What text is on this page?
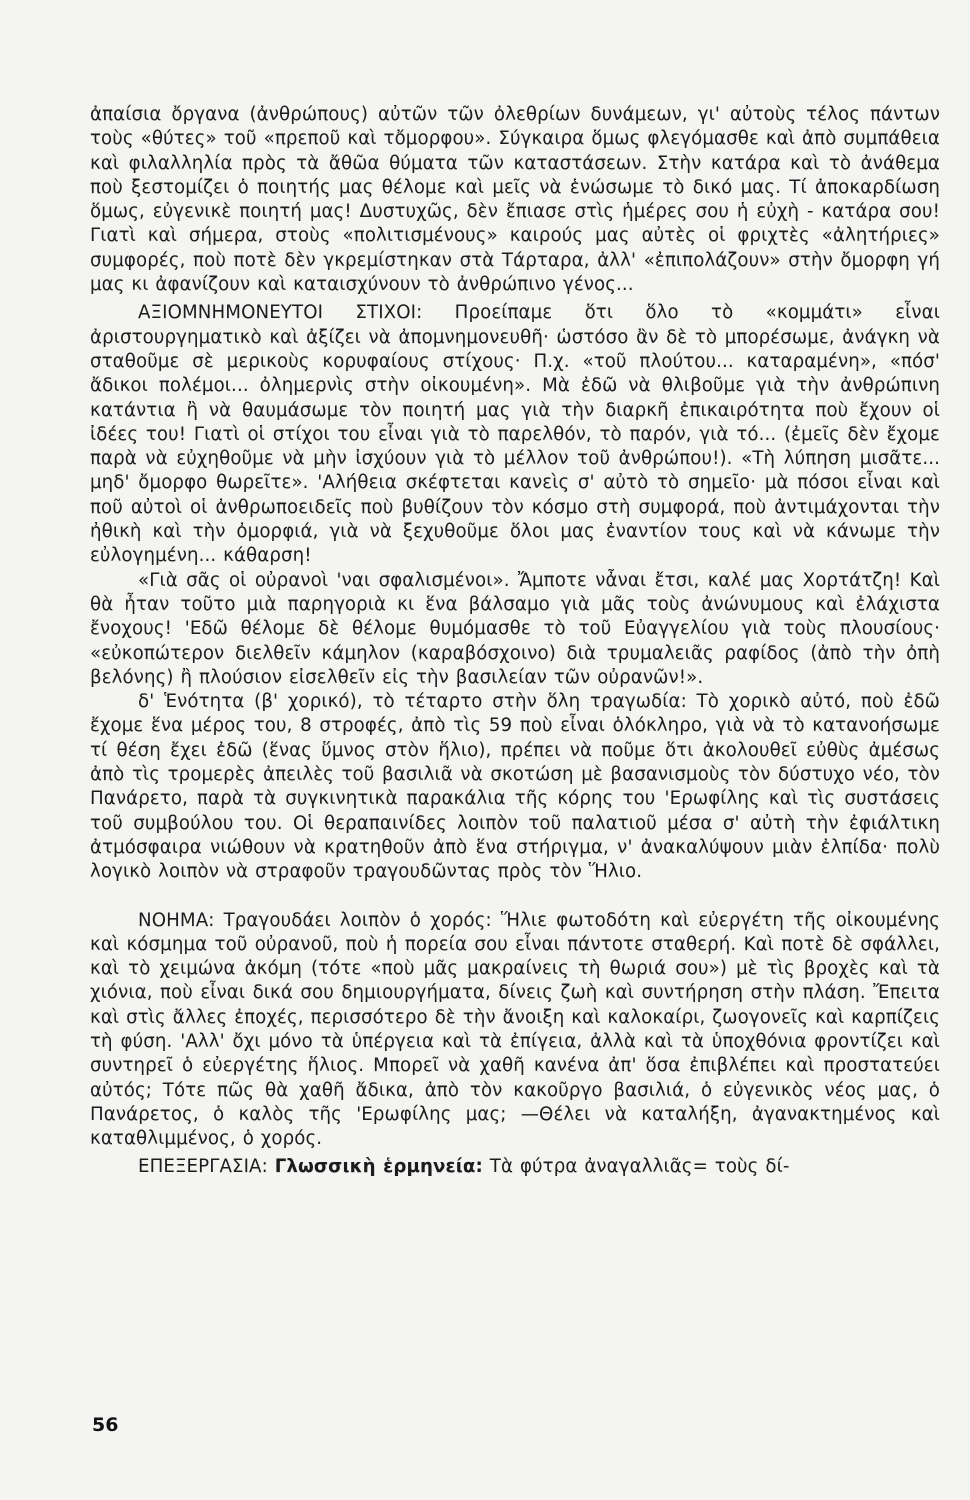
ἀπαίσια ὄργανα (ἀνθρώπους) αὐτῶν τῶν ὀλεθρίων δυνάμεων, γι' αὐτοὺς τέλος πάντων τοὺς «θύτες» τοῦ «πρεποῦ καὶ τὄμορφου». Σύγκαιρα ὅμως φλεγόμασθε καὶ ἀπὸ συμπάθεια καὶ φιλαλληλία πρὸς τὰ ἄθῶα θύματα τῶν καταστάσεων. Στὴν κατάρα καὶ τὸ ἀνάθεμα ποὺ ξεστομίζει ὁ ποιητής μας θέλομε καὶ μεῖς νὰ ἑνώσωμε τὸ δικό μας. Τί ἀποκαρδίωση ὅμως, εὐγενικὲ ποιητή μας! Δυστυχῶς, δὲν ἔπιασε στὶς ἡμέρες σου ἡ εὐχὴ - κατάρα σου! Γιατὶ καὶ σήμερα, στοὺς «πολιτισμένους» καιρούς μας αὐτὲς οἱ φριχτὲς «ἀλητήριες» συμφορές, ποὺ ποτὲ δὲν γκρεμίστηκαν στὰ Τάρταρα, ἀλλ' «ἐπιπολάζουν» στὴν ὄμορφη γή μας κι ἀφανίζουν καὶ καταισχύνουν τὸ ἀνθρώπινο γένος...

ΑΞΙΟΜΝΗΜΟΝΕΥΤΟΙ ΣΤΙΧΟΙ: Προείπαμε ὅτι ὅλο τὸ «κομμάτι» εἶναι ἀριστουργηματικὸ καὶ ἀξίζει νὰ ἀπομνημονευθῆ· ὡστόσο ἂν δὲ τὸ μπορέσωμε, ἀνάγκη νὰ σταθοῦμε σὲ μερικοὺς κορυφαίους στίχους· Π.χ. «τοῦ πλούτου... καταραμένη», «πόσ' ἄδικοι πολέμοι... ὀλημερνὶς στὴν οἰκουμένη». Μὰ ἐδῶ νὰ θλιβοῦμε γιὰ τὴν ἀνθρώπινη κατάντια ἢ νὰ θαυμάσωμε τὸν ποιητή μας γιὰ τὴν διαρκῆ ἐπικαιρότητα ποὺ ἔχουν οἱ ἰδέες του! Γιατὶ οἱ στίχοι του εἶναι γιὰ τὸ παρελθόν, τὸ παρόν, γιὰ τό... (ἐμεῖς δὲν ἔχομε παρὰ νὰ εὐχηθοῦμε νὰ μὴν ἰσχύουν γιὰ τὸ μέλλον τοῦ ἀνθρώπου!). «Τὴ λύπηση μισᾶτε... μηδ' ὄμορφο θωρεῖτε». 'Αλήθεια σκέφτεται κανεὶς σ' αὐτὸ τὸ σημεῖο· μὰ πόσοι εἶναι καὶ ποῦ αὐτοὶ οἱ ἀνθρωποειδεῖς ποὺ βυθίζουν τὸν κόσμο στὴ συμφορά, ποὺ ἀντιμάχονται τὴν ἠθικὴ καὶ τὴν ὀμορφιά, γιὰ νὰ ξεχυθοῦμε ὅλοι μας ἐναντίον τους καὶ νὰ κάνωμε τὴν εὐλογημένη... κάθαρση!

«Γιὰ σᾶς οἱ οὐρανοὶ 'ναι σφαλισμένοι». Ἄμποτε νἆναι ἔτσι, καλέ μας Χορτάτζη! Καὶ θὰ ἦταν τοῦτο μιὰ παρηγοριὰ κι ἕνα βάλσαμο γιὰ μᾶς τοὺς ἀνώνυμους καὶ ἐλάχιστα ἔνοχους! 'Εδῶ θέλομε δὲ θέλομε θυμόμασθε τὸ τοῦ Εὐαγγελίου γιὰ τοὺς πλουσίους· «εὐκοπώτερον διελθεῖν κάμηλον (καραβόσχοινο) διὰ τρυμαλειᾶς ραφίδος (ἀπὸ τὴν ὀπὴ βελόνης) ἢ πλούσιον εἰσελθεῖν εἰς τὴν βασιλείαν τῶν οὐρανῶν!».

δ' Ἑνότητα (β' χορικό), τὸ τέταρτο στὴν ὅλη τραγωδία: Τὸ χορικὸ αὐτό, ποὺ ἐδῶ ἔχομε ἕνα μέρος του, 8 στροφές, ἀπὸ τὶς 59 ποὺ εἶναι ὁλόκληρο, γιὰ νὰ τὸ κατανοήσωμε τί θέση ἔχει ἐδῶ (ἕνας ὕμνος στὸν ἥλιο), πρέπει νὰ ποῦμε ὅτι ἀκολουθεῖ εὐθὺς ἀμέσως ἀπὸ τὶς τρομερὲς ἀπειλὲς τοῦ βασιλιᾶ νὰ σκοτώση μὲ βασανισμοὺς τὸν δύστυχο νέο, τὸν Πανάρετο, παρὰ τὰ συγκινητικὰ παρακάλια τῆς κόρης του 'Ερωφίλης καὶ τὶς συστάσεις τοῦ συμβούλου του. Οἱ θεραπαινίδες λοιπὸν τοῦ παλατιοῦ μέσα σ' αὐτὴ τὴν ἐφιάλτικη ἀτμόσφαιρα νιώθουν νὰ κρατηθοῦν ἀπὸ ἕνα στήριγμα, ν' ἀνακαλύψουν μιὰν ἐλπίδα· πολὺ λογικὸ λοιπὸν νὰ στραφοῦν τραγουδῶντας πρὸς τὸν Ἥλιο.

ΝΟΗΜΑ: Τραγουδάει λοιπὸν ὁ χορός: Ἥλιε φωτοδότη καὶ εὐεργέτη τῆς οἰκουμένης καὶ κόσμημα τοῦ οὐρανοῦ, ποὺ ἡ πορεία σου εἶναι πάντοτε σταθερή. Καὶ ποτὲ δὲ σφάλλει, καὶ τὸ χειμώνα ἀκόμη (τότε «ποὺ μᾶς μακραίνεις τὴ θωριά σου») μὲ τὶς βροχὲς καὶ τὰ χιόνια, ποὺ εἶναι δικά σου δημιουργήματα, δίνεις ζωὴ καὶ συντήρηση στὴν πλάση. Ἔπειτα καὶ στὶς ἄλλες ἐποχές, περισσότερο δὲ τὴν ἄνοιξη καὶ καλοκαίρι, ζωογονεῖς καὶ καρπίζεις τὴ φύση. 'Αλλ' ὄχι μόνο τὰ ὑπέργεια καὶ τὰ ἐπίγεια, ἀλλὰ καὶ τὰ ὑποχθόνια φροντίζει καὶ συντηρεῖ ὁ εὐεργέτης ἥλιος. Μπορεῖ νὰ χαθῆ κανένα ἀπ' ὅσα ἐπιβλέπει καὶ προστατεύει αὐτός; Τότε πῶς θὰ χαθῆ ἄδικα, ἀπὸ τὸν κακοῦργο βασιλιά, ὁ εὐγενικὸς νέος μας, ὁ Πανάρετος, ὁ καλὸς τῆς 'Ερωφίλης μας; —Θέλει νὰ καταλήξη, ἀγανακτημένος καὶ καταθλιμμένος, ὁ χορός.

ΕΠΕΞΕΡΓΑΣΙΑ: Γλωσσικὴ ἑρμηνεία: Τὰ φύτρα ἀναγαλλιᾶς= τοὺς δί-

56
